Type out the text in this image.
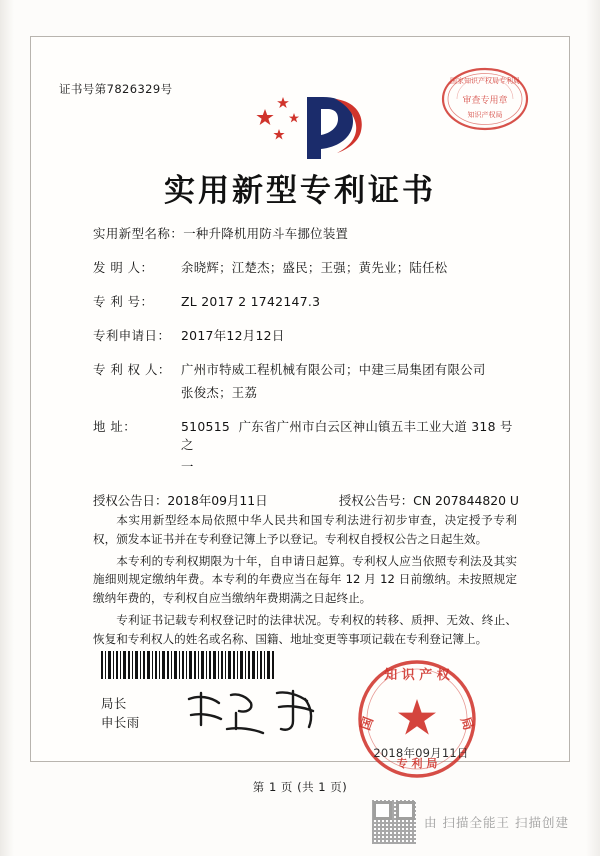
证书号第7826329号
国家知识产权局专利局
审查专用章
知识产权局
实用新型专利证书
实用新型名称： 一种升降机用防斗车挪位装置
发 明 人：	余晓辉；江楚杰；盛民；王强；黄先业；陆任松
专 利 号：	ZL 2017 2 1742147.3
专利申请日： 2017年12月12日
专 利 权 人： 广州市特威工程机械有限公司；中建三局集团有限公司
张俊杰；王荔
地 址：	510515  广东省广州市白云区神山镇五丰工业大道 318 号之
一
授权公告日：2018年09月11日	授权公告号：CN 207844820 U

本实用新型经本局依照中华人民共和国专利法进行初步审查，决定授予专利权，颁发本证书并在专利登记簿上予以登记。专利权自授权公告之日起生效。

本专利的专利权期限为十年，自申请日起算。专利权人应当依照专利法及其实施细则规定缴纳年费。本专利的年费应当在每年 12 月 12 日前缴纳。未按照规定缴纳年费的，专利权自应当缴纳年费期满之日起终止。

专利证书记载专利权登记时的法律状况。专利权的转移、质押、无效、终止、恢复和专利权人的姓名或名称、国籍、地址变更等事项记载在专利登记簿上。

局长
申长雨
知 识 产 权
国	局
专 利 局
2018年09月11日
第 1 页 (共 1 页)
由 扫描全能王 扫描创建
